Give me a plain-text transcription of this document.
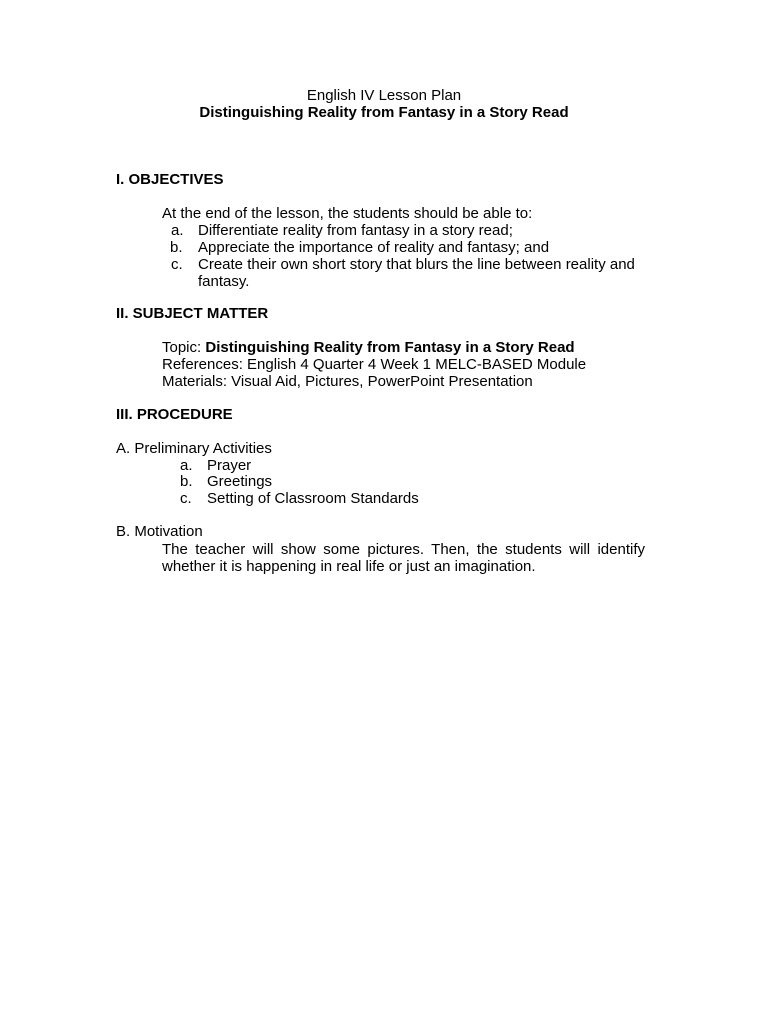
English IV Lesson Plan
Distinguishing Reality from Fantasy in a Story Read
I. OBJECTIVES
At the end of the lesson, the students should be able to:
a. Differentiate reality from fantasy in a story read;
b. Appreciate the importance of reality and fantasy; and
c. Create their own short story that blurs the line between reality and
fantasy.
II. SUBJECT MATTER
Topic: Distinguishing Reality from Fantasy in a Story Read
References: English 4 Quarter 4 Week 1 MELC-BASED Module
Materials: Visual Aid, Pictures, PowerPoint Presentation
III. PROCEDURE
A. Preliminary Activities
a. Prayer
b. Greetings
c. Setting of Classroom Standards
B. Motivation
The teacher will show some pictures. Then, the students will identify
whether it is happening in real life or just an imagination.
